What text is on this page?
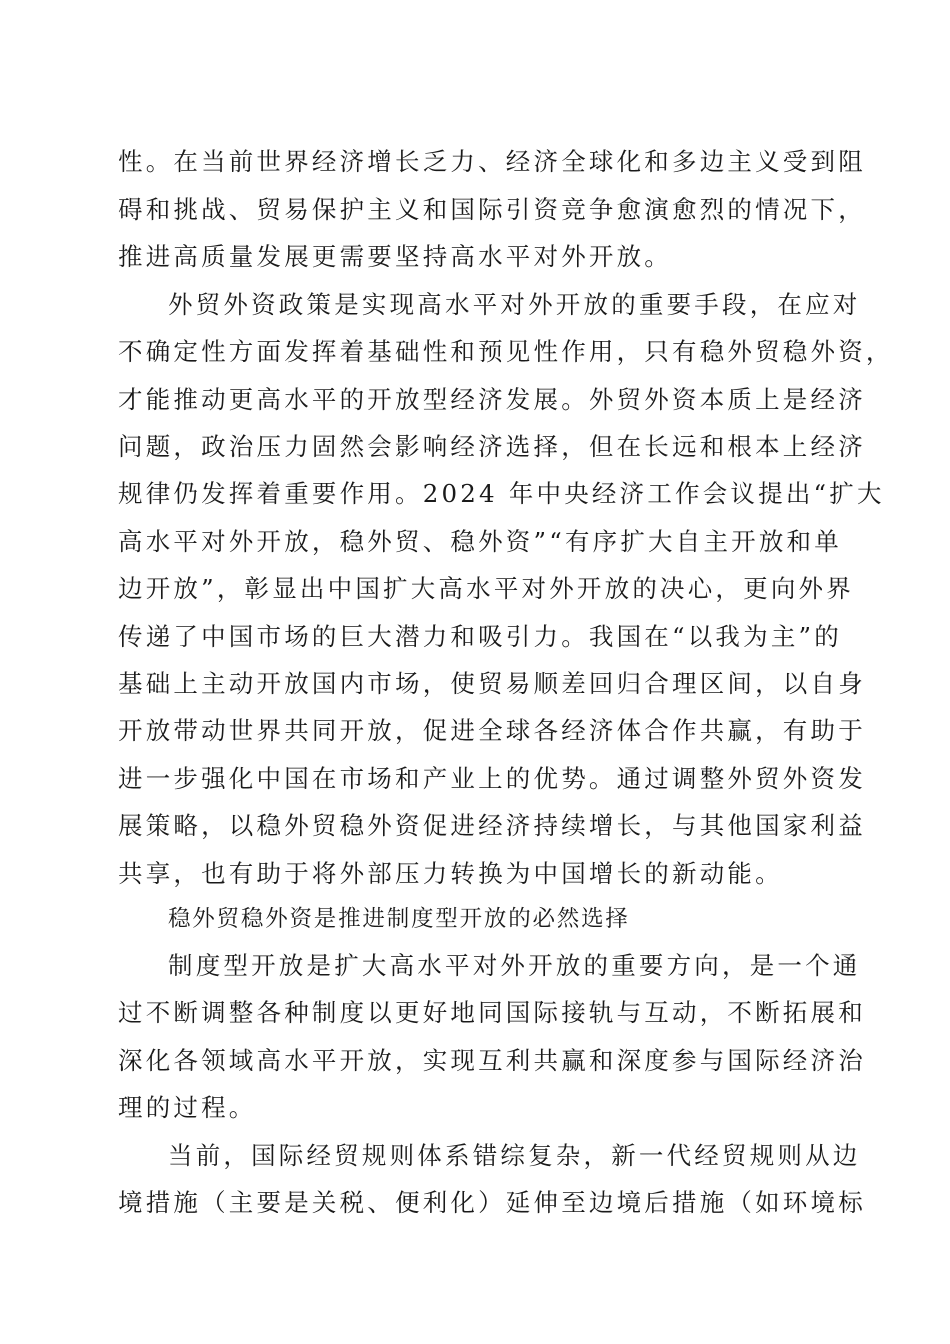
性。在当前世界经济增长乏力、经济全球化和多边主义受到阻
碍和挑战、贸易保护主义和国际引资竞争愈演愈烈的情况下，
推进高质量发展更需要坚持高水平对外开放。
外贸外资政策是实现高水平对外开放的重要手段，在应对
不确定性方面发挥着基础性和预见性作用，只有稳外贸稳外资，
才能推动更高水平的开放型经济发展。外贸外资本质上是经济
问题，政治压力固然会影响经济选择，但在长远和根本上经济
规律仍发挥着重要作用。2024 年中央经济工作会议提出“扩大
高水平对外开放，稳外贸、稳外资”“有序扩大自主开放和单
边开放”，彰显出中国扩大高水平对外开放的决心，更向外界
传递了中国市场的巨大潜力和吸引力。我国在“以我为主”的
基础上主动开放国内市场，使贸易顺差回归合理区间，以自身
开放带动世界共同开放，促进全球各经济体合作共赢，有助于
进一步强化中国在市场和产业上的优势。通过调整外贸外资发
展策略，以稳外贸稳外资促进经济持续增长，与其他国家利益
共享，也有助于将外部压力转换为中国增长的新动能。
稳外贸稳外资是推进制度型开放的必然选择
制度型开放是扩大高水平对外开放的重要方向，是一个通
过不断调整各种制度以更好地同国际接轨与互动，不断拓展和
深化各领域高水平开放，实现互利共赢和深度参与国际经济治
理的过程。
当前，国际经贸规则体系错综复杂，新一代经贸规则从边
境措施（主要是关税、便利化）延伸至边境后措施（如环境标
